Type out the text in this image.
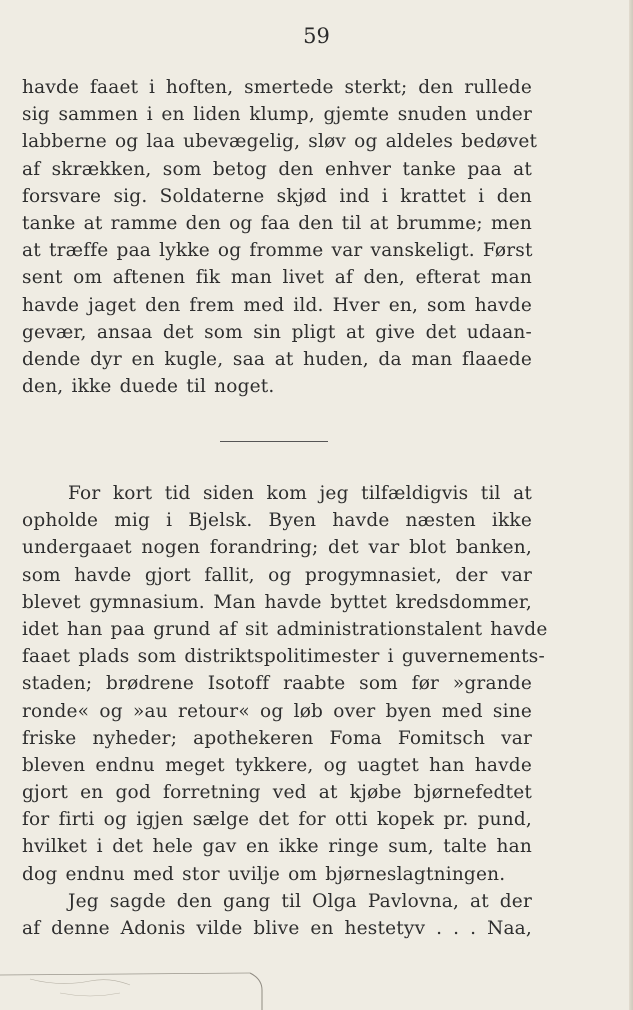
59
havde faaet i hoften, smertede sterkt; den rullede
sig sammen i en liden klump, gjemte snuden under
labberne og laa ubevægelig, sløv og aldeles bedøvet
af skrækken, som betog den enhver tanke paa at
forsvare sig. Soldaterne skjød ind i krattet i den
tanke at ramme den og faa den til at brumme; men
at træffe paa lykke og fromme var vanskeligt. Først
sent om aftenen fik man livet af den, efterat man
havde jaget den frem med ild. Hver en, som havde
gevær, ansaa det som sin pligt at give det udaan-
dende dyr en kugle, saa at huden, da man flaaede
den, ikke duede til noget.
For kort tid siden kom jeg tilfældigvis til at
opholde mig i Bjelsk. Byen havde næsten ikke
undergaaet nogen forandring; det var blot banken,
som havde gjort fallit, og progymnasiet, der var
blevet gymnasium. Man havde byttet kredsdommer,
idet han paa grund af sit administrationstalent havde
faaet plads som distriktspolitimester i guvernements-
staden; brødrene Isotoff raabte som før »grande
ronde« og »au retour« og løb over byen med sine
friske nyheder; apothekeren Foma Fomitsch var
bleven endnu meget tykkere, og uagtet han havde
gjort en god forretning ved at kjøbe bjørnefedtet
for firti og igjen sælge det for otti kopek pr. pund,
hvilket i det hele gav en ikke ringe sum, talte han
dog endnu med stor uvilje om bjørneslagtningen.
Jeg sagde den gang til Olga Pavlovna, at der
af denne Adonis vilde blive en hestetyv . . . Naa,
